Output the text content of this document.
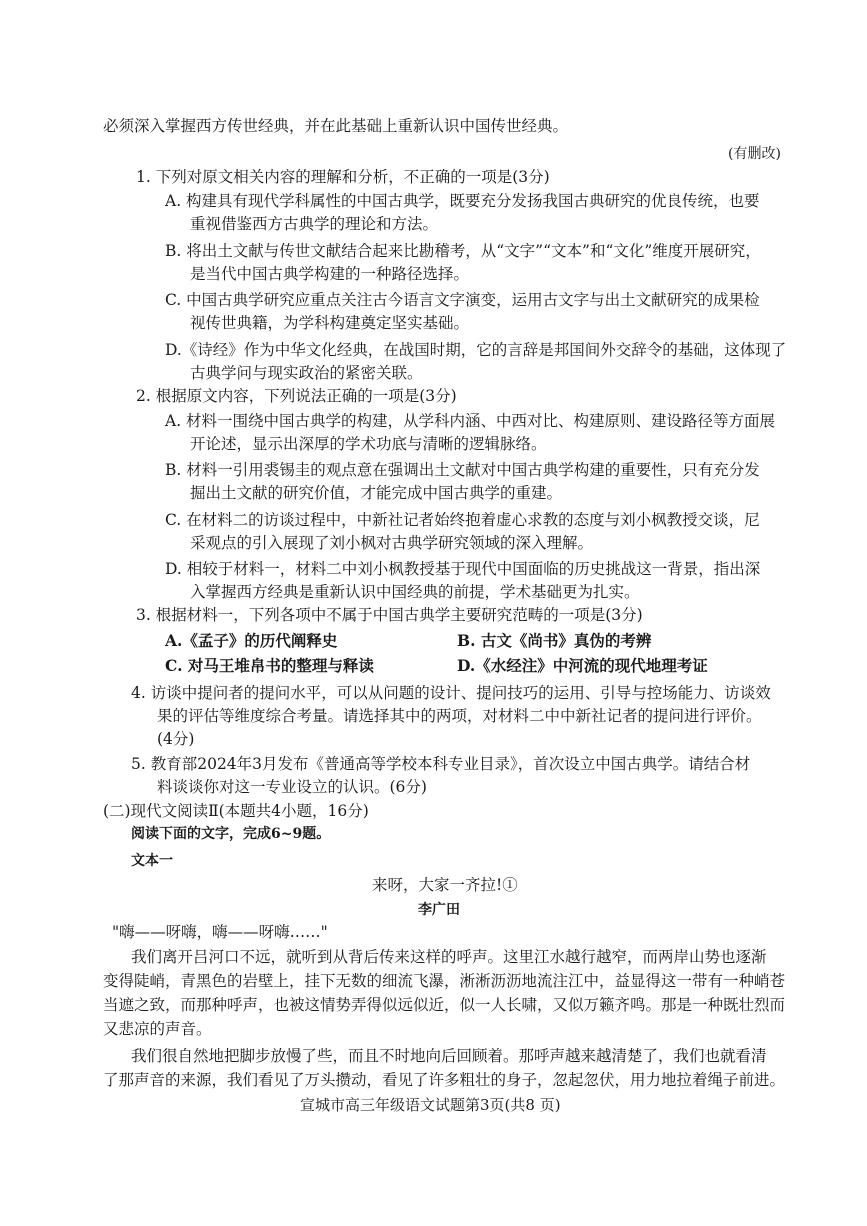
必须深入掌握西方传世经典，并在此基础上重新认识中国传世经典。
(有删改)
1. 下列对原文相关内容的理解和分析，不正确的一项是(3分)
A. 构建具有现代学科属性的中国古典学，既要充分发扬我国古典研究的优良传统，也要
重视借鉴西方古典学的理论和方法。
B. 将出土文献与传世文献结合起来比勘稽考，从“文字”“文本”和“文化”维度开展研究，
是当代中国古典学构建的一种路径选择。
C. 中国古典学研究应重点关注古今语言文字演变，运用古文字与出土文献研究的成果检
视传世典籍，为学科构建奠定坚实基础。
D.《诗经》作为中华文化经典，在战国时期，它的言辞是邦国间外交辞令的基础，这体现了
古典学问与现实政治的紧密关联。
2. 根据原文内容，下列说法正确的一项是(3分)
A. 材料一围绕中国古典学的构建，从学科内涵、中西对比、构建原则、建设路径等方面展
开论述，显示出深厚的学术功底与清晰的逻辑脉络。
B. 材料一引用裘锡圭的观点意在强调出土文献对中国古典学构建的重要性，只有充分发
掘出土文献的研究价值，才能完成中国古典学的重建。
C. 在材料二的访谈过程中，中新社记者始终抱着虚心求教的态度与刘小枫教授交谈，尼
采观点的引入展现了刘小枫对古典学研究领域的深入理解。
D. 相较于材料一，材料二中刘小枫教授基于现代中国面临的历史挑战这一背景，指出深
入掌握西方经典是重新认识中国经典的前提，学术基础更为扎实。
3. 根据材料一，下列各项中不属于中国古典学主要研究范畴的一项是(3分)
A.《孟子》的历代阐释史	B. 古文《尚书》真伪的考辨
C. 对马王堆帛书的整理与释读	D.《水经注》中河流的现代地理考证
4. 访谈中提问者的提问水平，可以从问题的设计、提问技巧的运用、引导与控场能力、访谈效
果的评估等维度综合考量。请选择其中的两项，对材料二中中新社记者的提问进行评价。
(4分)
5. 教育部2024年3月发布《普通高等学校本科专业目录》，首次设立中国古典学。请结合材
料谈谈你对这一专业设立的认识。(6分)
(二)现代文阅读Ⅱ(本题共4小题，16分)
阅读下面的文字，完成6~9题。
文本一
来呀，大家一齐拉!①
李广田
"嗨——呀嗨，嗨——呀嗨……"
我们离开吕河口不远，就听到从背后传来这样的呼声。这里江水越行越窄，而两岸山势也逐渐
变得陡峭，青黑色的岩壁上，挂下无数的细流飞瀑，淅淅沥沥地流注江中，益显得这一带有一种峭苍
当遮之致，而那种呼声，也被这情势弄得似远似近，似一人长啸，又似万籁齐鸣。那是一种既壮烈而
又悲凉的声音。
我们很自然地把脚步放慢了些，而且不时地向后回顾着。那呼声越来越清楚了，我们也就看清
了那声音的来源，我们看见了万头攒动，看见了许多粗壮的身子，忽起忽伏，用力地拉着绳子前进。
宣城市高三年级语文试题第3页(共8 页)
